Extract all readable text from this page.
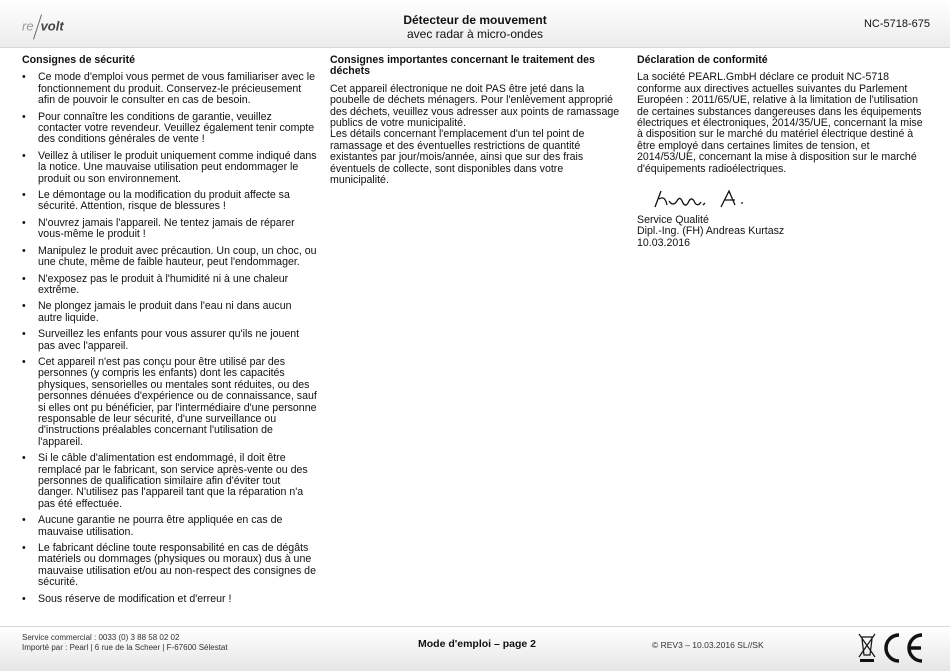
re volt	Détecteur de mouvement
avec radar à micro-ondes
NC-5718-675
Consignes de sécurité
• Ce mode d'emploi vous permet de vous familiariser avec le fonctionnement du produit. Conservez-le précieusement afin de pouvoir le consulter en cas de besoin.
• Pour connaître les conditions de garantie, veuillez contacter votre revendeur. Veuillez également tenir compte des conditions générales de vente !
• Veillez à utiliser le produit uniquement comme indiqué dans la notice. Une mauvaise utilisation peut endommager le produit ou son environnement.
• Le démontage ou la modification du produit affecte sa sécurité. Attention, risque de blessures !
• N'ouvrez jamais l'appareil. Ne tentez jamais de réparer vous-même le produit !
• Manipulez le produit avec précaution. Un coup, un choc, ou une chute, même de faible hauteur, peut l'endommager.
• N'exposez pas le produit à l'humidité ni à une chaleur extrême.
• Ne plongez jamais le produit dans l'eau ni dans aucun autre liquide.
• Surveillez les enfants pour vous assurer qu'ils ne jouent pas avec l'appareil.
• Cet appareil n'est pas conçu pour être utilisé par des personnes (y compris les enfants) dont les capacités physiques, sensorielles ou mentales sont réduites, ou des personnes dénuées d'expérience ou de connaissance, sauf si elles ont pu bénéficier, par l'intermédiaire d'une personne responsable de leur sécurité, d'une surveillance ou d'instructions préalables concernant l'utilisation de l'appareil.
• Si le câble d'alimentation est endommagé, il doit être remplacé par le fabricant, son service après-vente ou des personnes de qualification similaire afin d'éviter tout danger. N'utilisez pas l'appareil tant que la réparation n'a pas été effectuée.
• Aucune garantie ne pourra être appliquée en cas de mauvaise utilisation.
• Le fabricant décline toute responsabilité en cas de dégâts matériels ou dommages (physiques ou moraux) dus à une mauvaise utilisation et/ou au non-respect des consignes de sécurité.
• Sous réserve de modification et d'erreur !
Consignes importantes concernant le traitement des déchets

Cet appareil électronique ne doit PAS être jeté dans la poubelle de déchets ménagers. Pour l'enlèvement approprié des déchets, veuillez vous adresser aux points de ramassage publics de votre municipalité.

Les détails concernant l'emplacement d'un tel point de ramassage et des éventuelles restrictions de quantité existantes par jour/mois/année, ainsi que sur des frais éventuels de collecte, sont disponibles dans votre municipalité.

Déclaration de conformité

La société PEARL.GmbH déclare ce produit NC-5718 conforme aux directives actuelles suivantes du Parlement Européen : 2011/65/UE, relative à la limitation de l'utilisation de certaines substances dangereuses dans les équipements électriques et électroniques, 2014/35/UE, concernant la mise à disposition sur le marché du matériel électrique destiné à être employé dans certaines limites de tension, et 2014/53/UE, concernant la mise à disposition sur le marché d'équipements radioélectriques.

Service Qualité

Dipl.-Ing. (FH) Andreas Kurtasz

10.03.2016

Service commercial : 0033 (0) 3 88 58 02 02
Importé par : Pearl | 6 rue de la Scheer | F-67600 Sélestat	Mode d'emploi – page 2	© REV3 – 10.03.2016 SL//SK
